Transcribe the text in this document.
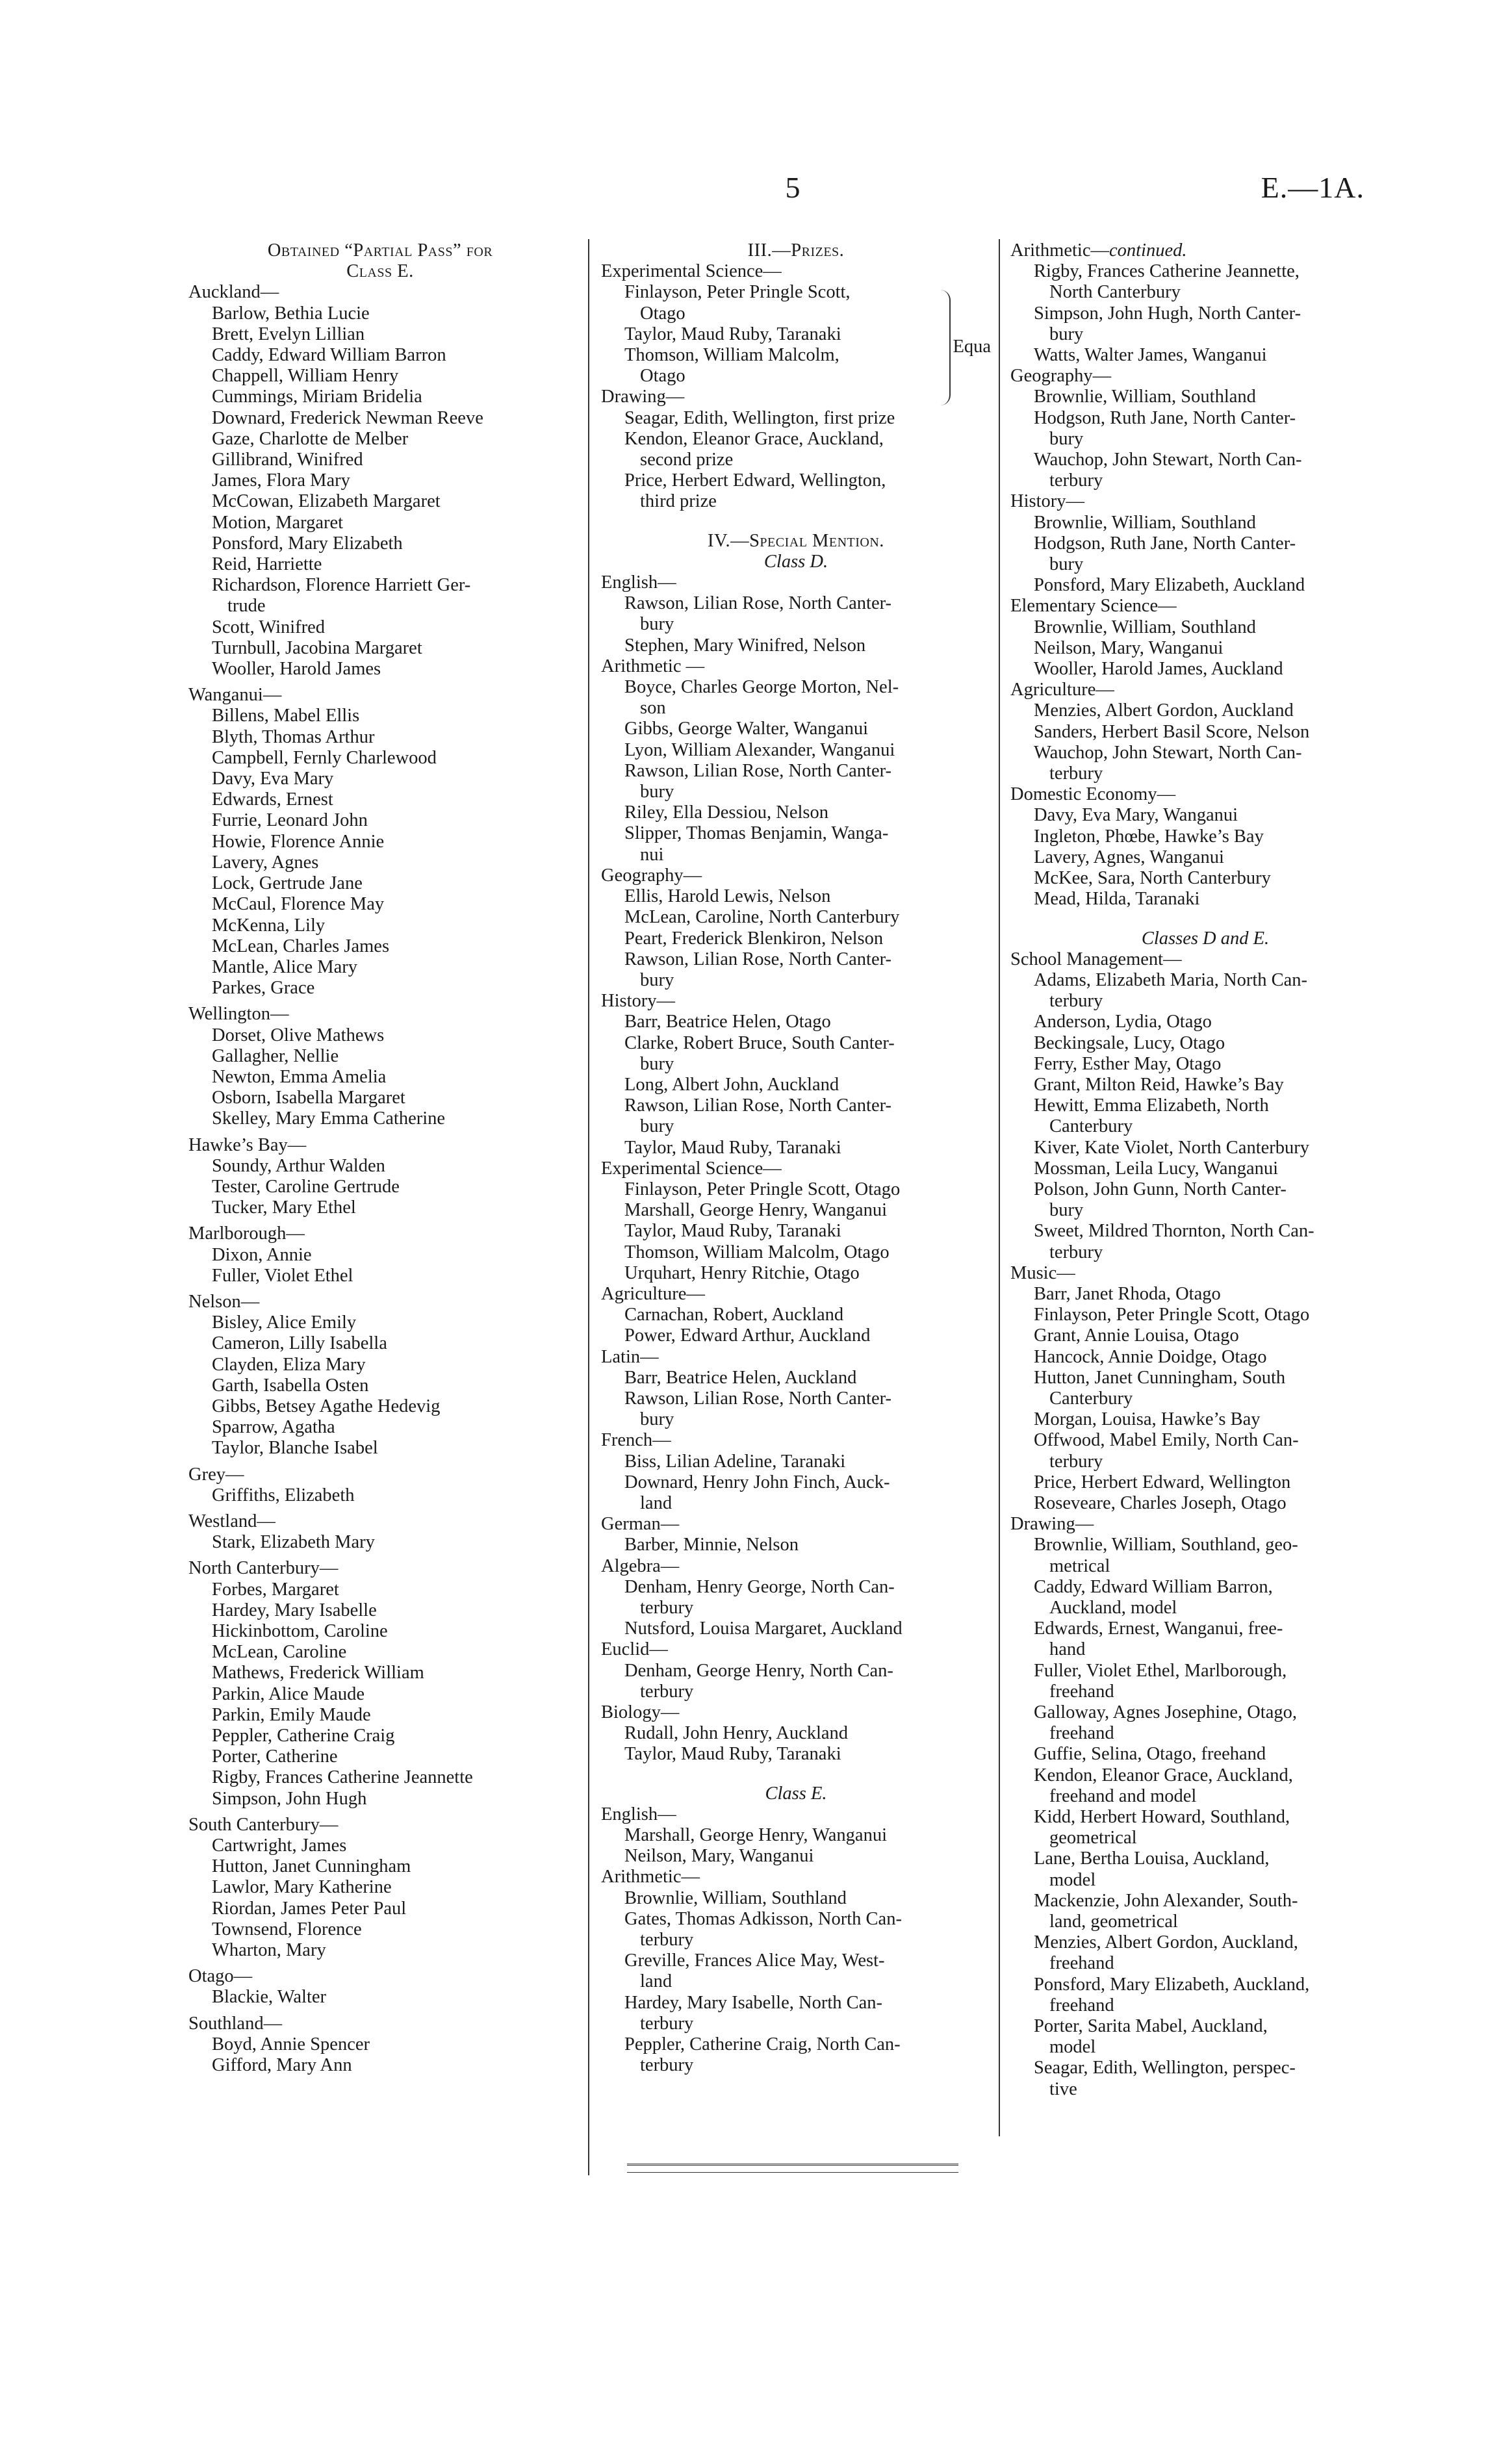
5	E.—1A.
Obtained “Partial Pass” for
Class E.
Auckland—
Barlow, Bethia Lucie
Brett, Evelyn Lillian
Caddy, Edward William Barron
Chappell, William Henry
Cummings, Miriam Bridelia
Downard, Frederick Newman Reeve
Gaze, Charlotte de Melber
Gillibrand, Winifred
James, Flora Mary
McCowan, Elizabeth Margaret
Motion, Margaret
Ponsford, Mary Elizabeth
Reid, Harriette
Richardson, Florence Harriett Ger-
trude
Scott, Winifred
Turnbull, Jacobina Margaret
Wooller, Harold James
Wanganui—
Billens, Mabel Ellis
Blyth, Thomas Arthur
Campbell, Fernly Charlewood
Davy, Eva Mary
Edwards, Ernest
Furrie, Leonard John
Howie, Florence Annie
Lavery, Agnes
Lock, Gertrude Jane
McCaul, Florence May
McKenna, Lily
McLean, Charles James
Mantle, Alice Mary
Parkes, Grace
Wellington—
Dorset, Olive Mathews
Gallagher, Nellie
Newton, Emma Amelia
Osborn, Isabella Margaret
Skelley, Mary Emma Catherine
Hawke’s Bay—
Soundy, Arthur Walden
Tester, Caroline Gertrude
Tucker, Mary Ethel
Marlborough—
Dixon, Annie
Fuller, Violet Ethel
Nelson—
Bisley, Alice Emily
Cameron, Lilly Isabella
Clayden, Eliza Mary
Garth, Isabella Osten
Gibbs, Betsey Agathe Hedevig
Sparrow, Agatha
Taylor, Blanche Isabel
Grey—
Griffiths, Elizabeth
Westland—
Stark, Elizabeth Mary
North Canterbury—
Forbes, Margaret
Hardey, Mary Isabelle
Hickinbottom, Caroline
McLean, Caroline
Mathews, Frederick William
Parkin, Alice Maude
Parkin, Emily Maude
Peppler, Catherine Craig
Porter, Catherine
Rigby, Frances Catherine Jeannette
Simpson, John Hugh
South Canterbury—
Cartwright, James
Hutton, Janet Cunningham
Lawlor, Mary Katherine
Riordan, James Peter Paul
Townsend, Florence
Wharton, Mary
Otago—
Blackie, Walter
Southland—
Boyd, Annie Spencer
Gifford, Mary Ann
III.—Prizes.
Experimental Science—
Finlayson, Peter Pringle Scott,
Otago
Taylor, Maud Ruby, Taranaki
Thomson, William Malcolm,
Otago
Equa
Drawing—
Seagar, Edith, Wellington, first prize
Kendon, Eleanor Grace, Auckland,
second prize
Price, Herbert Edward, Wellington,
third prize
IV.—Special Mention.
Class D.
English—
Rawson, Lilian Rose, North Canter-
bury
Stephen, Mary Winifred, Nelson
Arithmetic —
Boyce, Charles George Morton, Nel-
son
Gibbs, George Walter, Wanganui
Lyon, William Alexander, Wanganui
Rawson, Lilian Rose, North Canter-
bury
Riley, Ella Dessiou, Nelson
Slipper, Thomas Benjamin, Wanga-
nui
Geography—
Ellis, Harold Lewis, Nelson
McLean, Caroline, North Canterbury
Peart, Frederick Blenkiron, Nelson
Rawson, Lilian Rose, North Canter-
bury
History—
Barr, Beatrice Helen, Otago
Clarke, Robert Bruce, South Canter-
bury
Long, Albert John, Auckland
Rawson, Lilian Rose, North Canter-
bury
Taylor, Maud Ruby, Taranaki
Experimental Science—
Finlayson, Peter Pringle Scott, Otago
Marshall, George Henry, Wanganui
Taylor, Maud Ruby, Taranaki
Thomson, William Malcolm, Otago
Urquhart, Henry Ritchie, Otago
Agriculture—
Carnachan, Robert, Auckland
Power, Edward Arthur, Auckland
Latin—
Barr, Beatrice Helen, Auckland
Rawson, Lilian Rose, North Canter-
bury
French—
Biss, Lilian Adeline, Taranaki
Downard, Henry John Finch, Auck-
land
German—
Barber, Minnie, Nelson
Algebra—
Denham, Henry George, North Can-
terbury
Nutsford, Louisa Margaret, Auckland
Euclid—
Denham, George Henry, North Can-
terbury
Biology—
Rudall, John Henry, Auckland
Taylor, Maud Ruby, Taranaki
Class E.
English—
Marshall, George Henry, Wanganui
Neilson, Mary, Wanganui
Arithmetic—
Brownlie, William, Southland
Gates, Thomas Adkisson, North Can-
terbury
Greville, Frances Alice May, West-
land
Hardey, Mary Isabelle, North Can-
terbury
Peppler, Catherine Craig, North Can-
terbury
Arithmetic—continued.
Rigby, Frances Catherine Jeannette,
North Canterbury
Simpson, John Hugh, North Canter-
bury
Watts, Walter James, Wanganui
Geography—
Brownlie, William, Southland
Hodgson, Ruth Jane, North Canter-
bury
Wauchop, John Stewart, North Can-
terbury
History—
Brownlie, William, Southland
Hodgson, Ruth Jane, North Canter-
bury
Ponsford, Mary Elizabeth, Auckland
Elementary Science—
Brownlie, William, Southland
Neilson, Mary, Wanganui
Wooller, Harold James, Auckland
Agriculture—
Menzies, Albert Gordon, Auckland
Sanders, Herbert Basil Score, Nelson
Wauchop, John Stewart, North Can-
terbury
Domestic Economy—
Davy, Eva Mary, Wanganui
Ingleton, Phœbe, Hawke’s Bay
Lavery, Agnes, Wanganui
McKee, Sara, North Canterbury
Mead, Hilda, Taranaki
Classes D and E.
School Management—
Adams, Elizabeth Maria, North Can-
terbury
Anderson, Lydia, Otago
Beckingsale, Lucy, Otago
Ferry, Esther May, Otago
Grant, Milton Reid, Hawke’s Bay
Hewitt, Emma Elizabeth, North
Canterbury
Kiver, Kate Violet, North Canterbury
Mossman, Leila Lucy, Wanganui
Polson, John Gunn, North Canter-
bury
Sweet, Mildred Thornton, North Can-
terbury
Music—
Barr, Janet Rhoda, Otago
Finlayson, Peter Pringle Scott, Otago
Grant, Annie Louisa, Otago
Hancock, Annie Doidge, Otago
Hutton, Janet Cunningham, South
Canterbury
Morgan, Louisa, Hawke’s Bay
Offwood, Mabel Emily, North Can-
terbury
Price, Herbert Edward, Wellington
Roseveare, Charles Joseph, Otago
Drawing—
Brownlie, William, Southland, geo-
metrical
Caddy, Edward William Barron,
Auckland, model
Edwards, Ernest, Wanganui, free-
hand
Fuller, Violet Ethel, Marlborough,
freehand
Galloway, Agnes Josephine, Otago,
freehand
Guffie, Selina, Otago, freehand
Kendon, Eleanor Grace, Auckland,
freehand and model
Kidd, Herbert Howard, Southland,
geometrical
Lane, Bertha Louisa, Auckland,
model
Mackenzie, John Alexander, South-
land, geometrical
Menzies, Albert Gordon, Auckland,
freehand
Ponsford, Mary Elizabeth, Auckland,
freehand
Porter, Sarita Mabel, Auckland,
model
Seagar, Edith, Wellington, perspec-
tive
